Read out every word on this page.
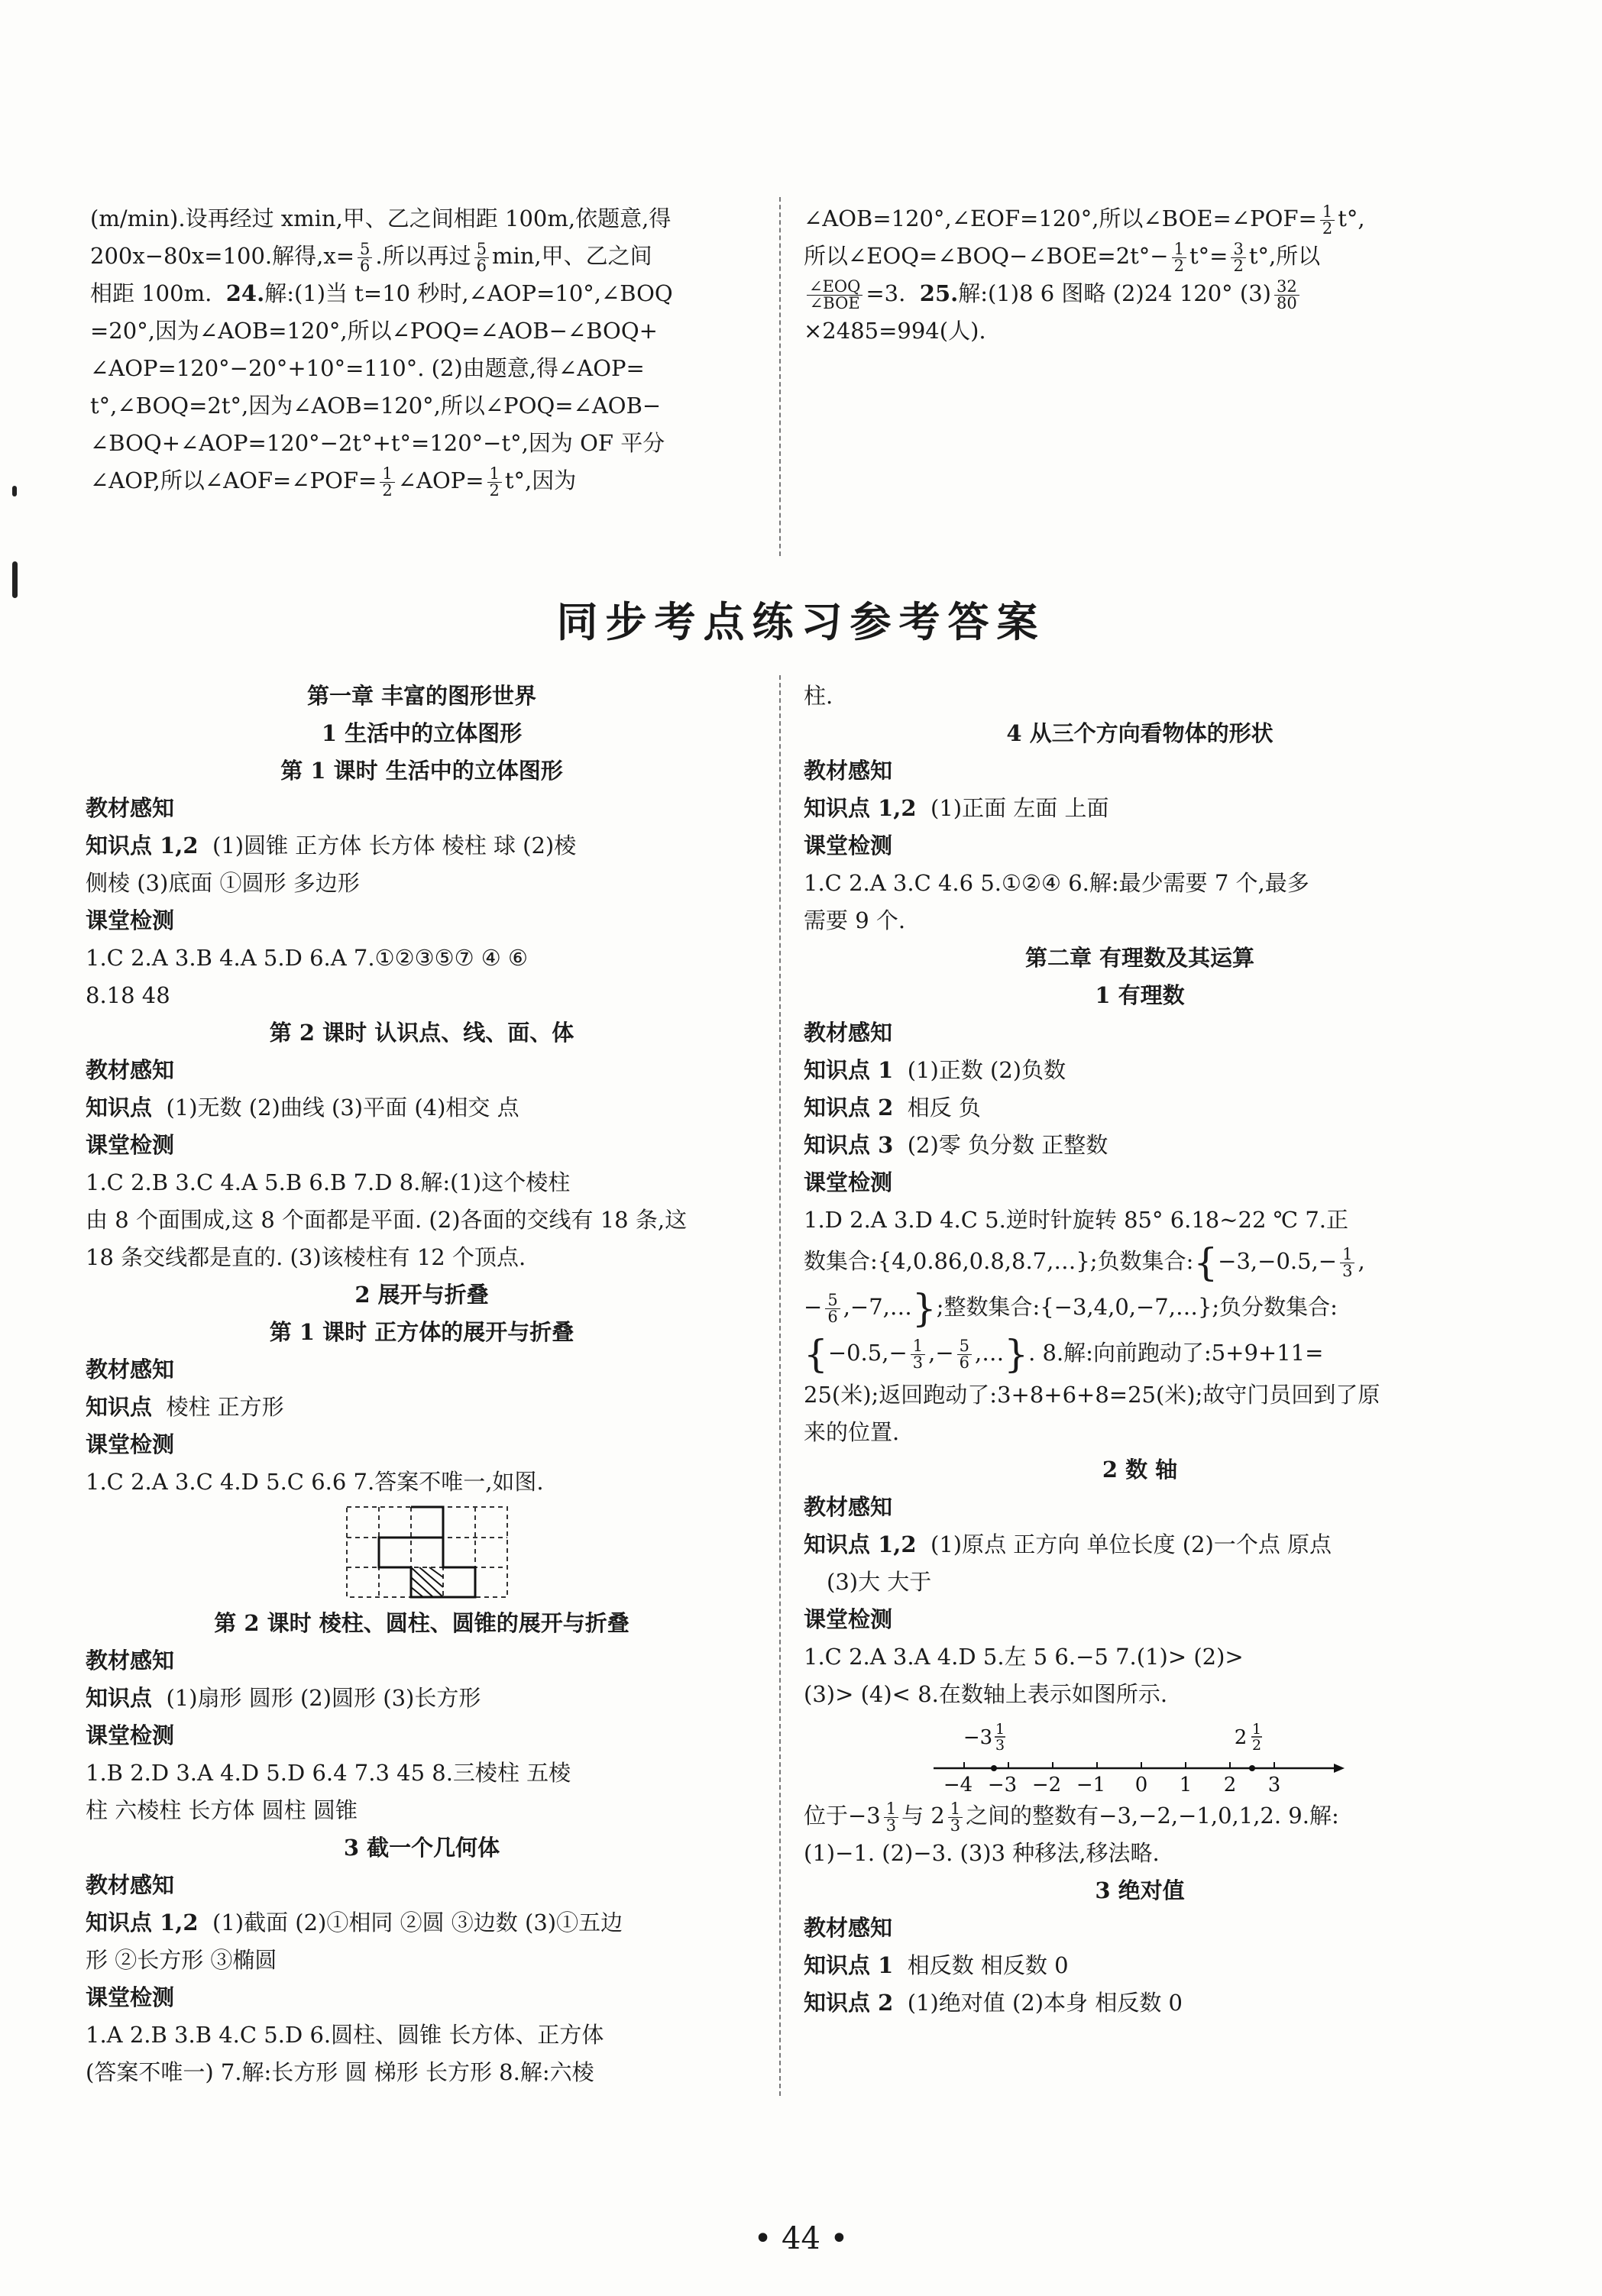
(m/min).设再经过 xmin,甲、乙之间相距 100m,依题意,得

200x−80x=100.解得$,x= \frac{5}{6}$ .所以再过 $\frac{5}{6} \min$,甲、乙之间

相距 100m. 24.解:(1)当 t=10 秒时,∠AOP=10°,∠BOQ

=20°,因为∠AOB=120°,所以∠POQ=∠AOB−∠BOQ+

∠AOP=120°−20°+10°=110°. (2)由题意,得∠AOP=

t°,∠BOQ=2t°,因为∠AOB=120°,所以∠POQ=∠AOB−

∠BOQ+∠AOP=120°−2t°+t°=120°−t°,因为 OF 平分

∠AOP,所以∠AOF=∠POF= $\frac{1}{2}$ ∠AOP= $\frac{1}{2} t^\circ$,因为

∠AOB=120°,∠EOF=120°,所以∠BOE=∠POF= $\frac{1}{2} t^\circ$,

所以∠EOQ=∠BOQ−∠BOE=2t°− $\frac{1}{2} t^\circ= \frac{3}{2} t^\circ$,所以

$\frac{\text{∠EOQ}}{\text{∠BOE}} =3$. 25.解:(1)8 6 图略 (2)24 120° $(3) \frac{32}{80}$

×2485=994(人).

同步考点练习参考答案

第一章 丰富的图形世界

1 生活中的立体图形

第 1 课时 生活中的立体图形

教材感知

知识点 1,2 (1)圆锥 正方体 长方体 棱柱 球 (2)棱

侧棱 (3)底面 ①圆形 多边形

课堂检测

1.C 2.A 3.B 4.A 5.D 6.A 7.①②③⑤⑦ ④ ⑥

8.18 48

第 2 课时 认识点、线、面、体

教材感知

知识点 (1)无数 (2)曲线 (3)平面 (4)相交 点

课堂检测

1.C 2.B 3.C 4.A 5.B 6.B 7.D 8.解:(1)这个棱柱

由 8 个面围成,这 8 个面都是平面. (2)各面的交线有 18 条,这

18 条交线都是直的. (3)该棱柱有 12 个顶点.

2 展开与折叠

第 1 课时 正方体的展开与折叠

教材感知

知识点 棱柱 正方形

课堂检测

1.C 2.A 3.C 4.D 5.C 6.6 7.答案不唯一,如图.

第 2 课时 棱柱、圆柱、圆锥的展开与折叠

教材感知

知识点 (1)扇形 圆形 (2)圆形 (3)长方形

课堂检测

1.B 2.D 3.A 4.D 5.D 6.4 7.3 45 8.三棱柱 五棱

柱 六棱柱 长方体 圆柱 圆锥

3 截一个几何体

教材感知

知识点 1,2 (1)截面 (2)①相同 ②圆 ③边数 (3)①五边

形 ②长方形 ③椭圆

课堂检测

1.A 2.B 3.B 4.C 5.D 6.圆柱、圆锥 长方体、正方体

(答案不唯一) 7.解:长方形 圆 梯形 长方形 8.解:六棱

柱.

4 从三个方向看物体的形状

教材感知

知识点 1,2 (1)正面 左面 上面

课堂检测

1.C 2.A 3.C 4.6 5.①②④ 6.解:最少需要 7 个,最多

需要 9 个.

第二章 有理数及其运算

1 有理数

教材感知

知识点 1 (1)正数 (2)负数

知识点 2 相反 负

知识点 3 (2)零 负分数 正整数

课堂检测

1.D 2.A 3.D 4.C 5.逆时针旋转 85° 6.18~22 ℃ 7.正

数集合:{4,0.86,0.8,8.7,…};负数集合:{−3,−0.5,− $\frac{1}{3}$ ,

− $\frac{5}{6}$ ,−7,…};整数集合:{−3,4,0,−7,…};负分数集合:

{$-0.5,- \frac{1}{3}$ ,− $\frac{5}{6}$ ,…}. 8.解:向前跑动了:5+9+11=

25(米);返回跑动了:3+8+6+8=25(米);故守门员回到了原

来的位置.

2 数 轴

教材感知

知识点 1,2 (1)原点 正方向 单位长度 (2)一个点 原点

(3)大 大于

课堂检测

1.C 2.A 3.A 4.D 5.左 5 6.−5 7.(1)> (2)>

(3)> (4)< 8.在数轴上表示如图所示.

−4 −3 −2 −1 0 1 2 3
−3	2
1
3
1
2

位于$-3 \frac{1}{3}$ 与 $2 \frac{1}{3}$ 之间的整数有−3,−2,−1,0,1,2. 9.解:

(1)−1. (2)−3. (3)3 种移法,移法略.

3 绝对值

教材感知

知识点 1 相反数 相反数 0

知识点 2 (1)绝对值 (2)本身 相反数 0

• 44 •
